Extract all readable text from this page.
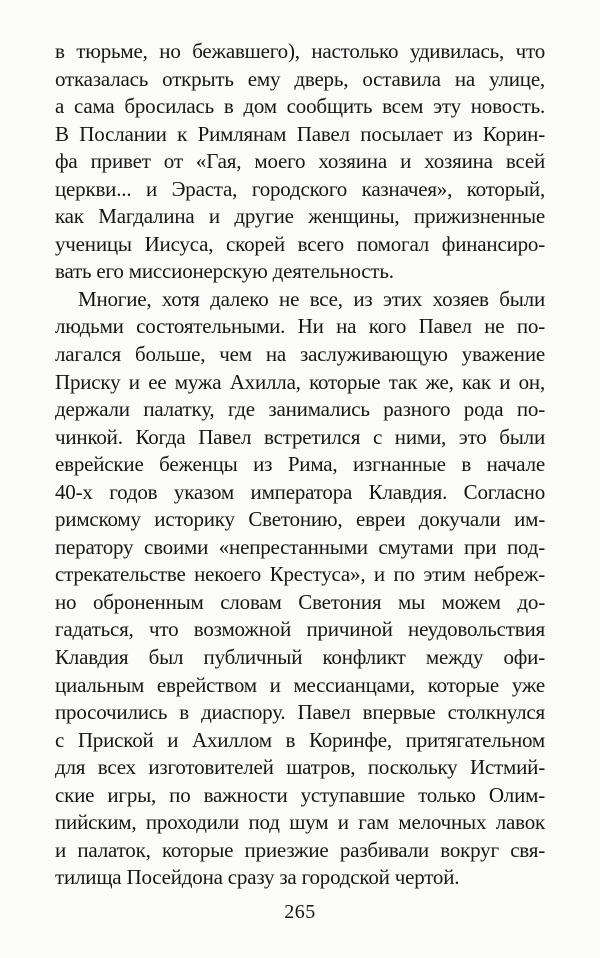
в тюрьме, но бежавшего), настолько удивилась, что
отказалась открыть ему дверь, оставила на улице,
а сама бросилась в дом сообщить всем эту новость.
В Послании к Римлянам Павел посылает из Корин-
фа привет от «Гая, моего хозяина и хозяина всей
церкви... и Эраста, городского казначея», который,
как Магдалина и другие женщины, прижизненные
ученицы Иисуса, скорей всего помогал финансиро-
вать его миссионерскую деятельность.
Многие, хотя далеко не все, из этих хозяев были
людьми состоятельными. Ни на кого Павел не по-
лагался больше, чем на заслуживающую уважение
Приску и ее мужа Ахилла, которые так же, как и он,
держали палатку, где занимались разного рода по-
чинкой. Когда Павел встретился с ними, это были
еврейские беженцы из Рима, изгнанные в начале
40-х годов указом императора Клавдия. Согласно
римскому историку Светонию, евреи докучали им-
ператору своими «непрестанными смутами при под-
стрекательстве некоего Крестуса», и по этим небреж-
но оброненным словам Светония мы можем до-
гадаться, что возможной причиной неудовольствия
Клавдия был публичный конфликт между офи-
циальным еврейством и мессианцами, которые уже
просочились в диаспору. Павел впервые столкнулся
с Приской и Ахиллом в Коринфе, притягательном
для всех изготовителей шатров, поскольку Истмий-
ские игры, по важности уступавшие только Олим-
пийским, проходили под шум и гам мелочных лавок
и палаток, которые приезжие разбивали вокруг свя-
тилища Посейдона сразу за городской чертой.
265
